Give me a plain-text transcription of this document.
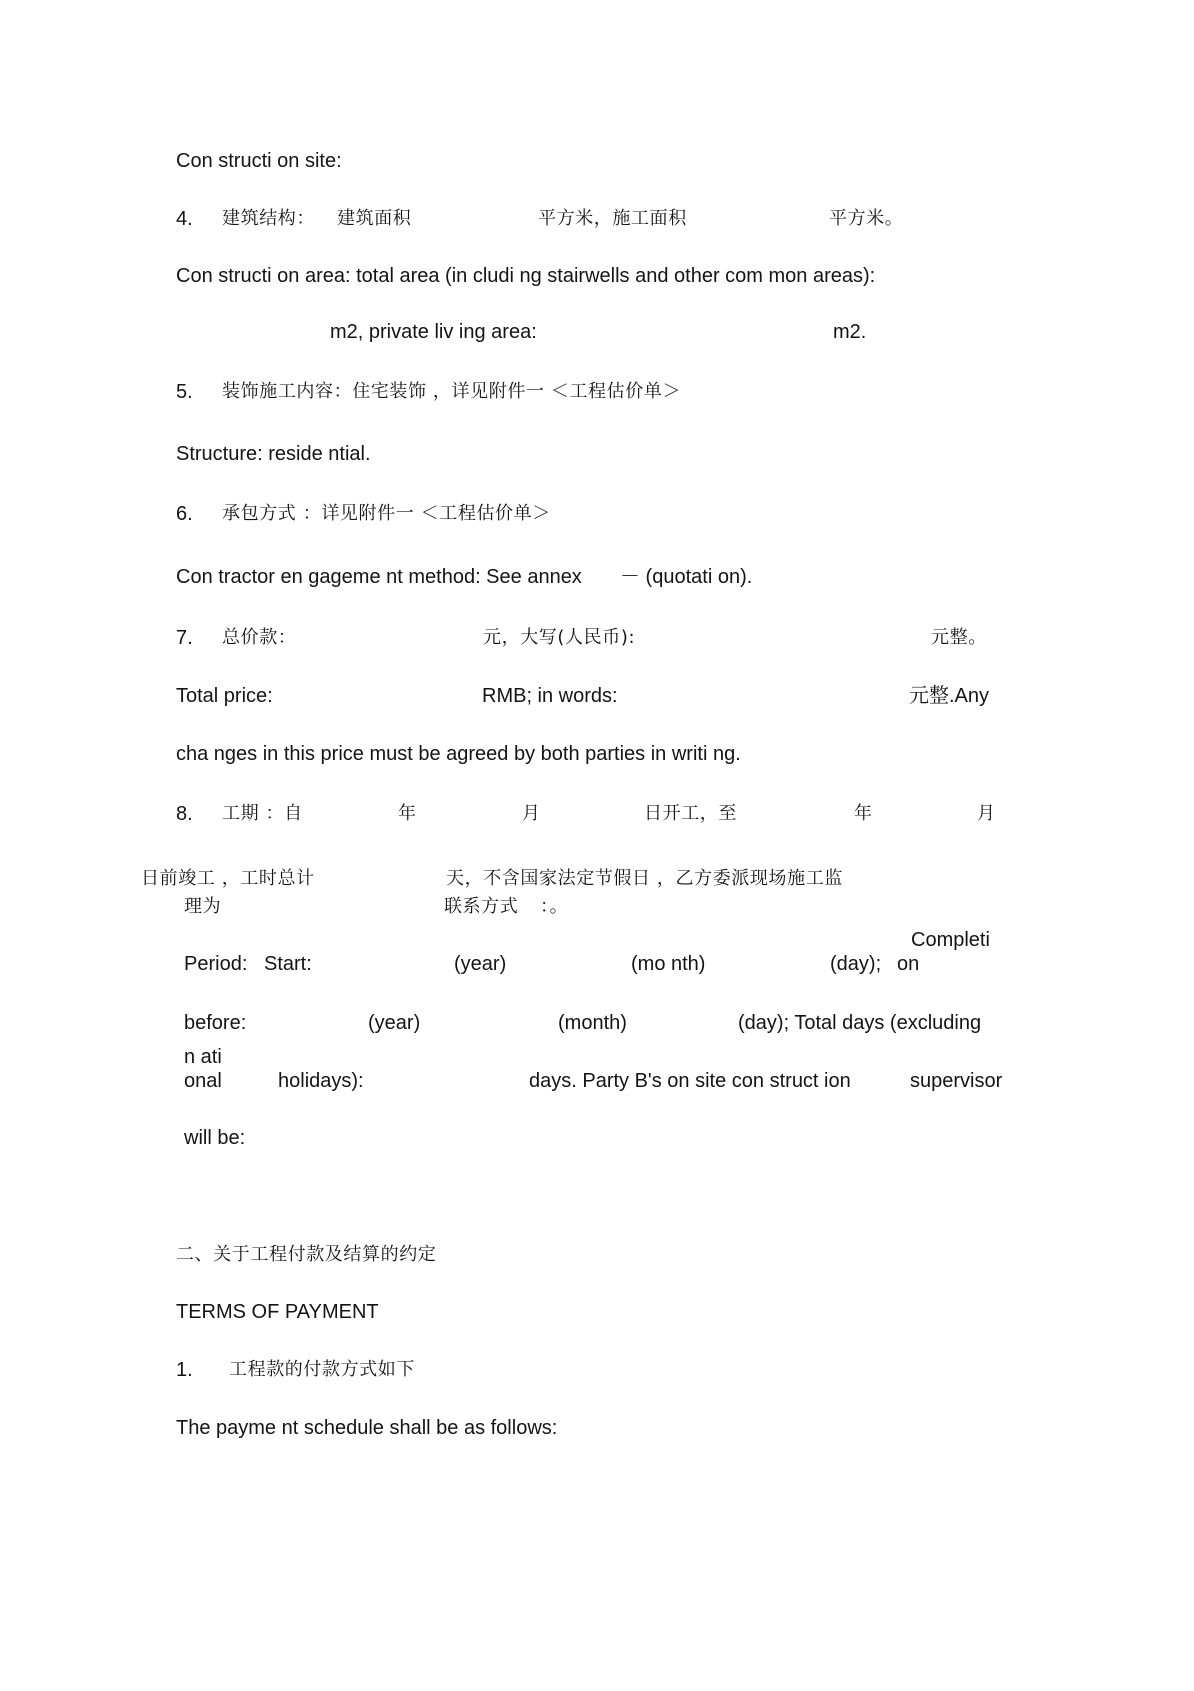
Con structi on site:
4. 建筑结构： 建筑面积	平方米，施工面积	平方米。
Con structi on area: total area (in cludi ng stairwells and other com mon areas):
m2, private liv ing area:	m2.
5. 装饰施工内容：住宅装饰 ，详见附件一 ＜工程估价单＞
Structure: reside ntial.
6. 承包方式 ：详见附件一 ＜工程估价单＞
Con tractor en gageme nt method: See annex － (quotati on).
7. 总价款：	元，大写(人民币):	元整。
Total price:	RMB; in words:	元整.Any
cha nges in this price must be agreed by both parties in writi ng.
8. 工期 ：自	年	月	日开工，至	年	月
日前竣工 ，工时总计	天，不含国家法定节假日 ，乙方委派现场施工监
理为	联系方式 ：。
Completi
Period: Start:	(year)	(mo nth)	(day); on
before:	(year)	(month)	(day); Total days (excluding
n ati
onal	holidays):	days. Party B's on site con struct ion	supervisor
will be:
二、关于工程付款及结算的约定
TERMS OF PAYMENT
1. 工程款的付款方式如下
The payme nt schedule shall be as follows:
